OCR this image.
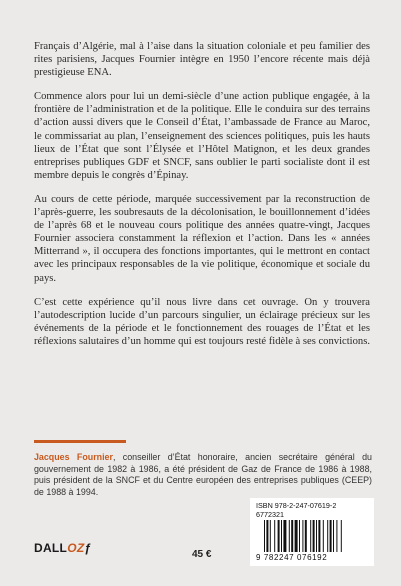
Français d’Algérie, mal à l’aise dans la situation coloniale et peu familier des rites parisiens, Jacques Fournier intègre en 1950 l’encore récente mais déjà prestigieuse ENA.

Commence alors pour lui un demi-siècle d’une action publique engagée, à la frontière de l’administration et de la politique. Elle le conduira sur des terrains d’action aussi divers que le Conseil d’État, l’ambassade de France au Maroc, le commissariat au plan, l’enseignement des sciences politiques, puis les hauts lieux de l’État que sont l’Élysée et l’Hôtel Matignon, et les deux grandes entreprises publiques GDF et SNCF, sans oublier le parti socialiste dont il est membre depuis le congrès d’Épinay.

Au cours de cette période, marquée successivement par la reconstruction de l’après-guerre, les soubresauts de la décolonisation, le bouillonnement d’idées de l’après 68 et le nouveau cours politique des années quatre-vingt, Jacques Fournier associera constamment la réflexion et l’action. Dans les « années Mitterrand », il occupera des fonctions importantes, qui le mettront en contact avec les principaux responsables de la vie politique, économique et sociale du pays.

C’est cette expérience qu’il nous livre dans cet ouvrage. On y trouvera l’autodescription lucide d’un parcours singulier, un éclairage précieux sur les événements de la période et le fonctionnement des rouages de l’État et les réflexions salutaires d’un homme qui est toujours resté fidèle à ses convictions.

Jacques Fournier, conseiller d’État honoraire, ancien secrétaire général du gouvernement de 1982 à 1986, a été président de Gaz de France de 1986 à 1988, puis président de la SNCF et du Centre européen des entreprises publiques (CEEP) de 1988 à 1994.
ISBN 978-2-247-07619-2
6772321
9 782247 076192
DALLOZƒ	45 €
